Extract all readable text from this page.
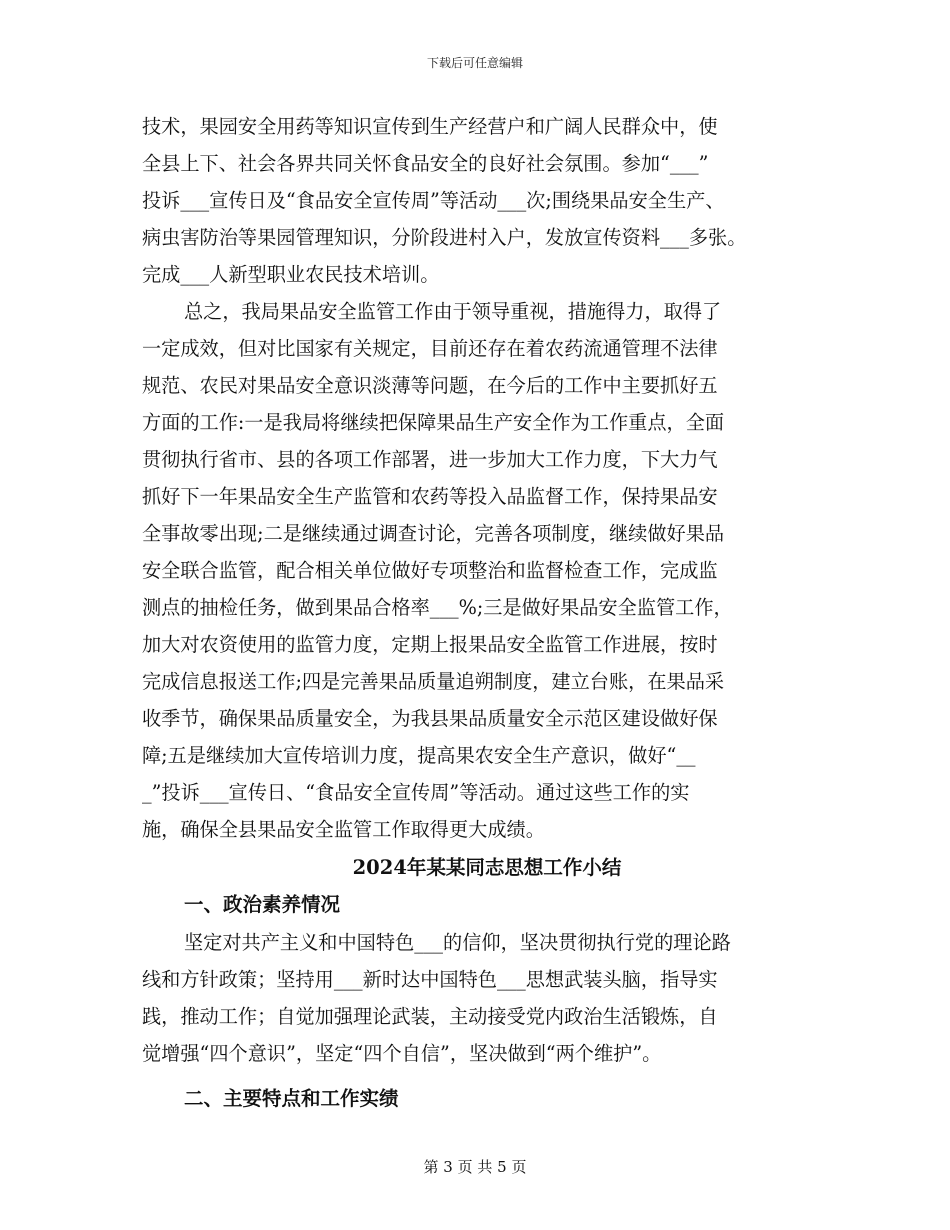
下载后可任意编辑
技术，果园安全用药等知识宣传到生产经营户和广阔人民群众中，使
全县上下、社会各界共同关怀食品安全的良好社会氛围。参加“___”
投诉___宣传日及“食品安全宣传周”等活动___次;围绕果品安全生产、
病虫害防治等果园管理知识，分阶段进村入户，发放宣传资料___多张。
完成___人新型职业农民技术培训。
总之，我局果品安全监管工作由于领导重视，措施得力，取得了
一定成效，但对比国家有关规定，目前还存在着农药流通管理不法律
规范、农民对果品安全意识淡薄等问题，在今后的工作中主要抓好五
方面的工作:一是我局将继续把保障果品生产安全作为工作重点，全面
贯彻执行省市、县的各项工作部署，进一步加大工作力度，下大力气
抓好下一年果品安全生产监管和农药等投入品监督工作，保持果品安
全事故零出现;二是继续通过调查讨论，完善各项制度，继续做好果品
安全联合监管，配合相关单位做好专项整治和监督检查工作，完成监
测点的抽检任务，做到果品合格率___%;三是做好果品安全监管工作，
加大对农资使用的监管力度，定期上报果品安全监管工作进展，按时
完成信息报送工作;四是完善果品质量追朔制度，建立台账，在果品采
收季节，确保果品质量安全，为我县果品质量安全示范区建设做好保
障;五是继续加大宣传培训力度，提高果农安全生产意识，做好“__
_”投诉___宣传日、“食品安全宣传周”等活动。通过这些工作的实
施，确保全县果品安全监管工作取得更大成绩。
2024年某某同志思想工作小结
一、政治素养情况
坚定对共产主义和中国特色___的信仰，坚决贯彻执行党的理论路
线和方针政策；坚持用___新时达中国特色___思想武装头脑，指导实
践，推动工作；自觉加强理论武装，主动接受党内政治生活锻炼，自
觉增强“四个意识”，坚定“四个自信”，坚决做到“两个维护”。
二、主要特点和工作实绩
第 3 页 共 5 页
